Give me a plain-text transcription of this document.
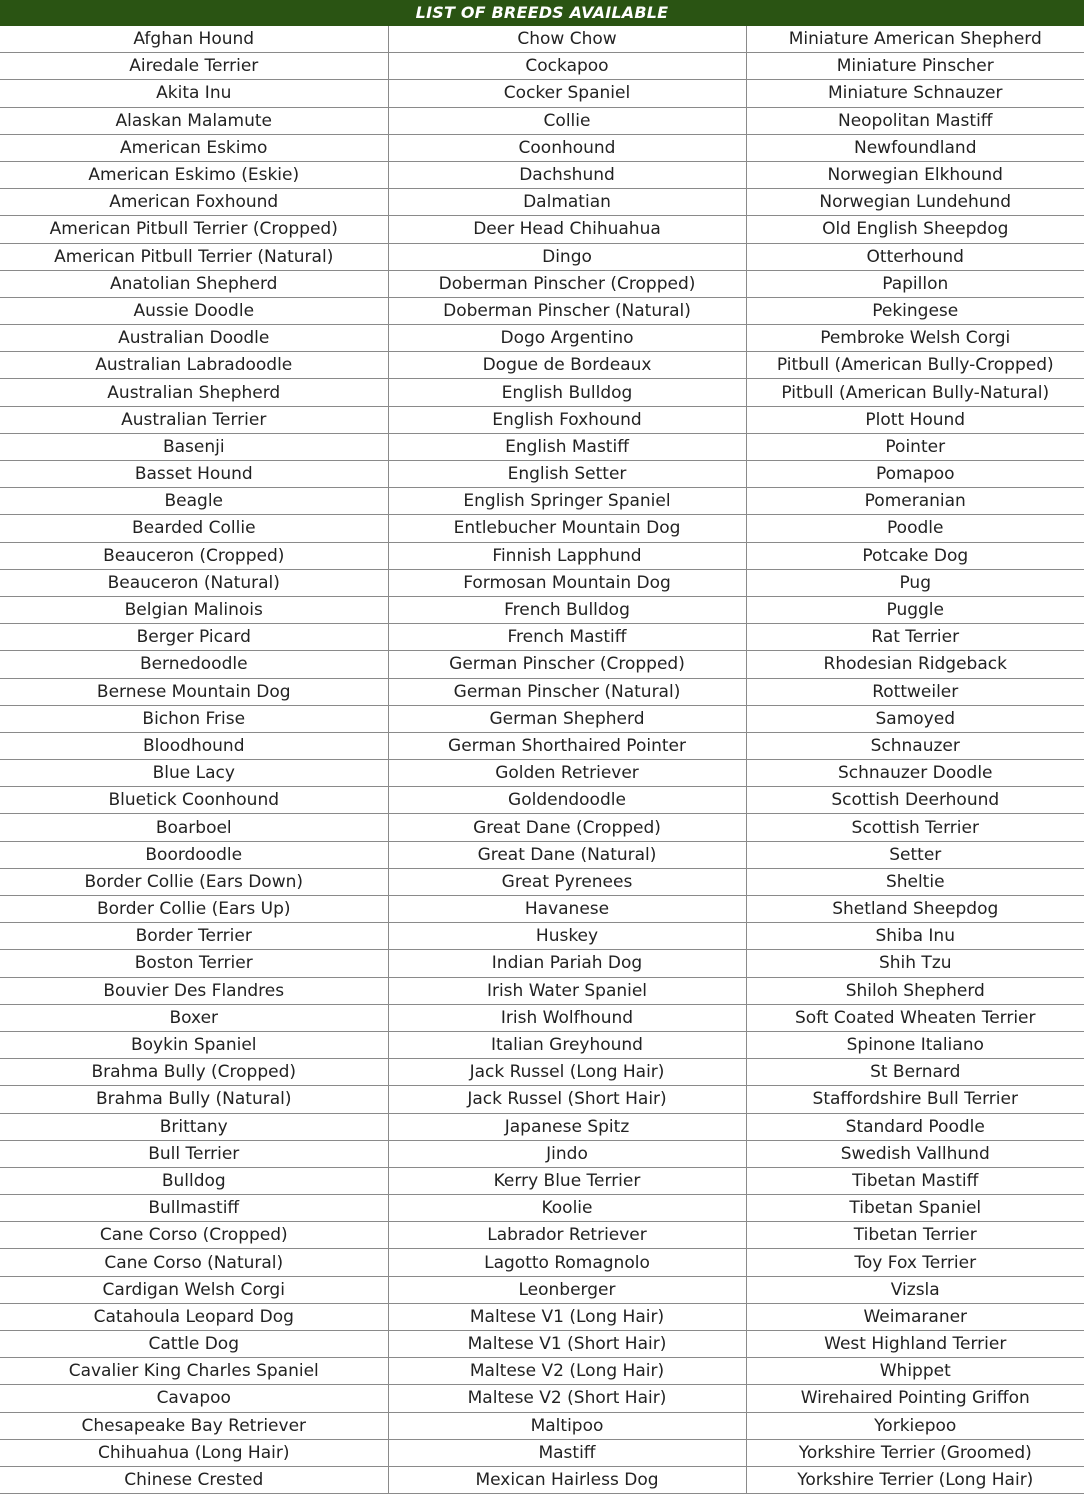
LIST OF BREEDS AVAILABLE
Afghan Hound	Chow Chow	Miniature American Shepherd
Airedale Terrier	Cockapoo	Miniature Pinscher
Akita Inu	Cocker Spaniel	Miniature Schnauzer
Alaskan Malamute	Collie	Neopolitan Mastiff
American Eskimo	Coonhound	Newfoundland
American Eskimo (Eskie)	Dachshund	Norwegian Elkhound
American Foxhound	Dalmatian	Norwegian Lundehund
American Pitbull Terrier (Cropped)	Deer Head Chihuahua	Old English Sheepdog
American Pitbull Terrier (Natural)	Dingo	Otterhound
Anatolian Shepherd	Doberman Pinscher (Cropped)	Papillon
Aussie Doodle	Doberman Pinscher (Natural)	Pekingese
Australian Doodle	Dogo Argentino	Pembroke Welsh Corgi
Australian Labradoodle	Dogue de Bordeaux	Pitbull (American Bully-Cropped)
Australian Shepherd	English Bulldog	Pitbull (American Bully-Natural)
Australian Terrier	English Foxhound	Plott Hound
Basenji	English Mastiff	Pointer
Basset Hound	English Setter	Pomapoo
Beagle	English Springer Spaniel	Pomeranian
Bearded Collie	Entlebucher Mountain Dog	Poodle
Beauceron (Cropped)	Finnish Lapphund	Potcake Dog
Beauceron (Natural)	Formosan Mountain Dog	Pug
Belgian Malinois	French Bulldog	Puggle
Berger Picard	French Mastiff	Rat Terrier
Bernedoodle	German Pinscher (Cropped)	Rhodesian Ridgeback
Bernese Mountain Dog	German Pinscher (Natural)	Rottweiler
Bichon Frise	German Shepherd	Samoyed
Bloodhound	German Shorthaired Pointer	Schnauzer
Blue Lacy	Golden Retriever	Schnauzer Doodle
Bluetick Coonhound	Goldendoodle	Scottish Deerhound
Boarboel	Great Dane (Cropped)	Scottish Terrier
Boordoodle	Great Dane (Natural)	Setter
Border Collie (Ears Down)	Great Pyrenees	Sheltie
Border Collie (Ears Up)	Havanese	Shetland Sheepdog
Border Terrier	Huskey	Shiba Inu
Boston Terrier	Indian Pariah Dog	Shih Tzu
Bouvier Des Flandres	Irish Water Spaniel	Shiloh Shepherd
Boxer	Irish Wolfhound	Soft Coated Wheaten Terrier
Boykin Spaniel	Italian Greyhound	Spinone Italiano
Brahma Bully (Cropped)	Jack Russel (Long Hair)	St Bernard
Brahma Bully (Natural)	Jack Russel (Short Hair)	Staffordshire Bull Terrier
Brittany	Japanese Spitz	Standard Poodle
Bull Terrier	Jindo	Swedish Vallhund
Bulldog	Kerry Blue Terrier	Tibetan Mastiff
Bullmastiff	Koolie	Tibetan Spaniel
Cane Corso (Cropped)	Labrador Retriever	Tibetan Terrier
Cane Corso (Natural)	Lagotto Romagnolo	Toy Fox Terrier
Cardigan Welsh Corgi	Leonberger	Vizsla
Catahoula Leopard Dog	Maltese V1 (Long Hair)	Weimaraner
Cattle Dog	Maltese V1 (Short Hair)	West Highland Terrier
Cavalier King Charles Spaniel	Maltese V2 (Long Hair)	Whippet
Cavapoo	Maltese V2 (Short Hair)	Wirehaired Pointing Griffon
Chesapeake Bay Retriever	Maltipoo	Yorkiepoo
Chihuahua (Long Hair)	Mastiff	Yorkshire Terrier (Groomed)
Chinese Crested	Mexican Hairless Dog	Yorkshire Terrier (Long Hair)
